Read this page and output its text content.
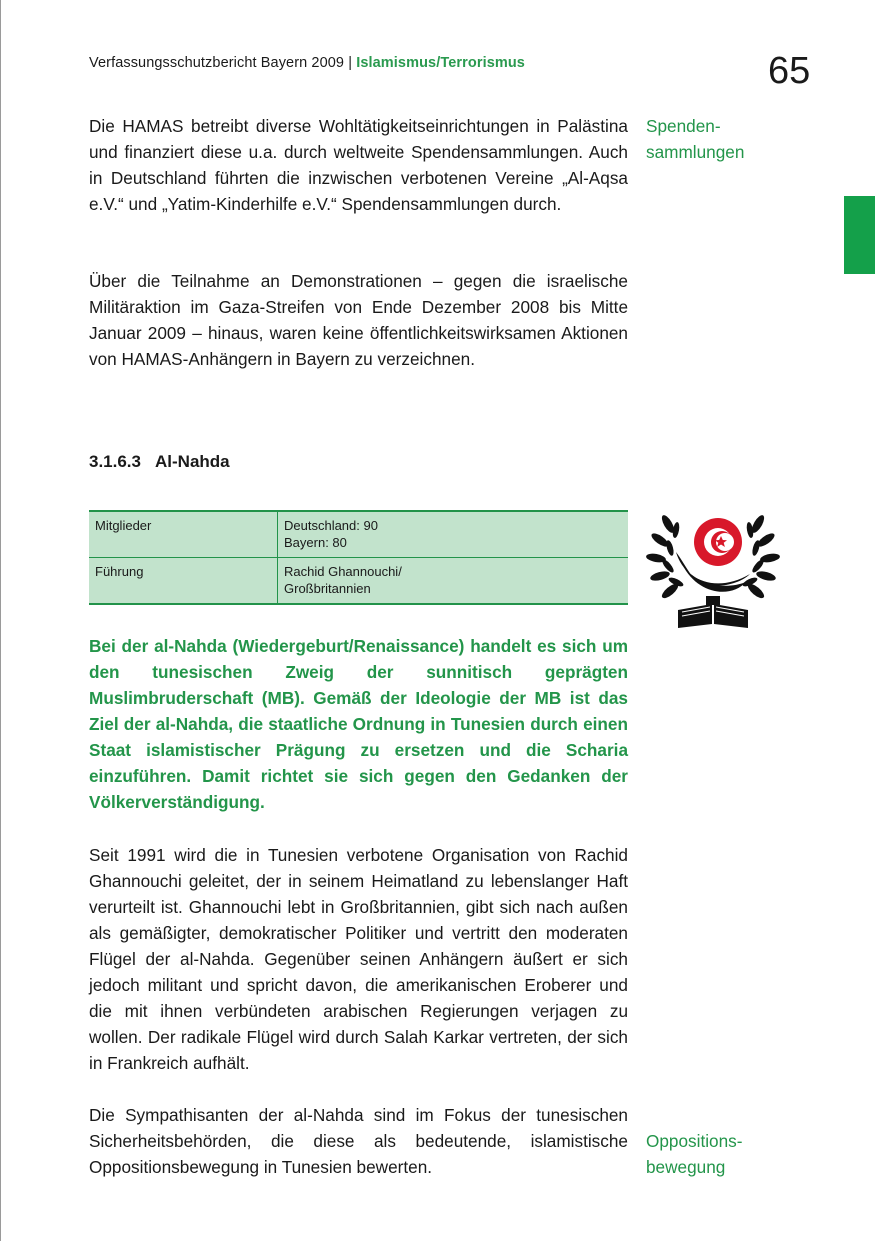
Verfassungsschutzbericht Bayern 2009 | Islamismus/Terrorismus	65

Die HAMAS betreibt diverse Wohltätigkeitseinrichtungen in Palästina und finanziert diese u.a. durch weltweite Spendensammlungen. Auch in Deutschland führten die inzwischen verbotenen Vereine „Al-Aqsa e.V.“ und „Yatim-Kinderhilfe e.V.“ Spendensammlungen durch.

Über die Teilnahme an Demonstrationen – gegen die israelische Militäraktion im Gaza-Streifen von Ende Dezember 2008 bis Mitte Januar 2009 – hinaus, waren keine öffentlichkeitswirksamen Aktionen von HAMAS-Anhängern in Bayern zu verzeichnen.

Spenden-
sammlungen
3.1.6.3 Al-Nahda
Mitglieder	Deutschland: 90
Bayern: 80

Führung	Rachid Ghannouchi/
Großbritannien

Bei der al-Nahda (Wiedergeburt/Renaissance) handelt es sich um den tunesischen Zweig der sunnitisch geprägten Muslimbruderschaft (MB). Gemäß der Ideologie der MB ist das Ziel der al-Nahda, die staatliche Ordnung in Tunesien durch einen Staat islamistischer Prägung zu ersetzen und die Scharia einzuführen. Damit richtet sie sich gegen den Gedanken der Völkerverständigung.

Seit 1991 wird die in Tunesien verbotene Organisation von Rachid Ghannouchi geleitet, der in seinem Heimatland zu lebenslanger Haft verurteilt ist. Ghannouchi lebt in Großbritannien, gibt sich nach außen als gemäßigter, demokratischer Politiker und vertritt den moderaten Flügel der al-Nahda. Gegenüber seinen Anhängern äußert er sich jedoch militant und spricht davon, die amerikanischen Eroberer und die mit ihnen verbündeten arabischen Regierungen verjagen zu wollen. Der radikale Flügel wird durch Salah Karkar vertreten, der sich in Frankreich aufhält.

Die Sympathisanten der al-Nahda sind im Fokus der tunesischen Sicherheitsbehörden, die diese als bedeutende, islamistische Oppositionsbewegung in Tunesien bewerten.

Oppositions-
bewegung
